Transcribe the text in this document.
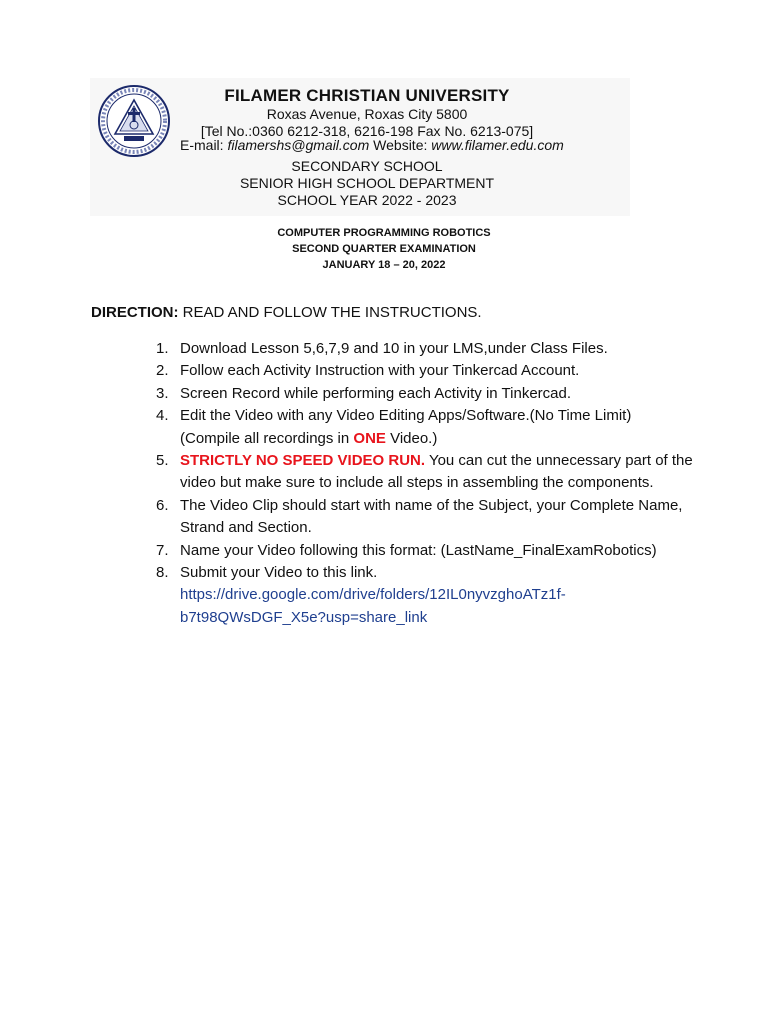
FILAMER CHRISTIAN UNIVERSITY

Roxas Avenue, Roxas City 5800

[Tel No.:0360 6212-318, 6216-198 Fax No. 6213-075]

E-mail: filamershs@gmail.com Website: www.filamer.edu.com

SECONDARY SCHOOL

SENIOR HIGH SCHOOL DEPARTMENT

SCHOOL YEAR 2022 - 2023

COMPUTER PROGRAMMING ROBOTICS

SECOND QUARTER EXAMINATION

JANUARY 18 – 20, 2022

DIRECTION: READ AND FOLLOW THE INSTRUCTIONS.
1. Download Lesson 5,6,7,9 and 10 in your LMS,under Class Files.
2. Follow each Activity Instruction with your Tinkercad Account.
3. Screen Record while performing each Activity in Tinkercad.
4. Edit the Video with any Video Editing Apps/Software.(No Time Limit)
(Compile all recordings in ONE Video.)
5. STRICTLY NO SPEED VIDEO RUN. You can cut the unnecessary part of the video but make sure to include all steps in assembling the components.
6. The Video Clip should start with name of the Subject, your Complete Name, Strand and Section.
7. Name your Video following this format: (LastName_FinalExamRobotics)
8. Submit your Video to this link.
https://drive.google.com/drive/folders/12IL0nyvzghoATz1f-
b7t98QWsDGF_X5e?usp=share_link
